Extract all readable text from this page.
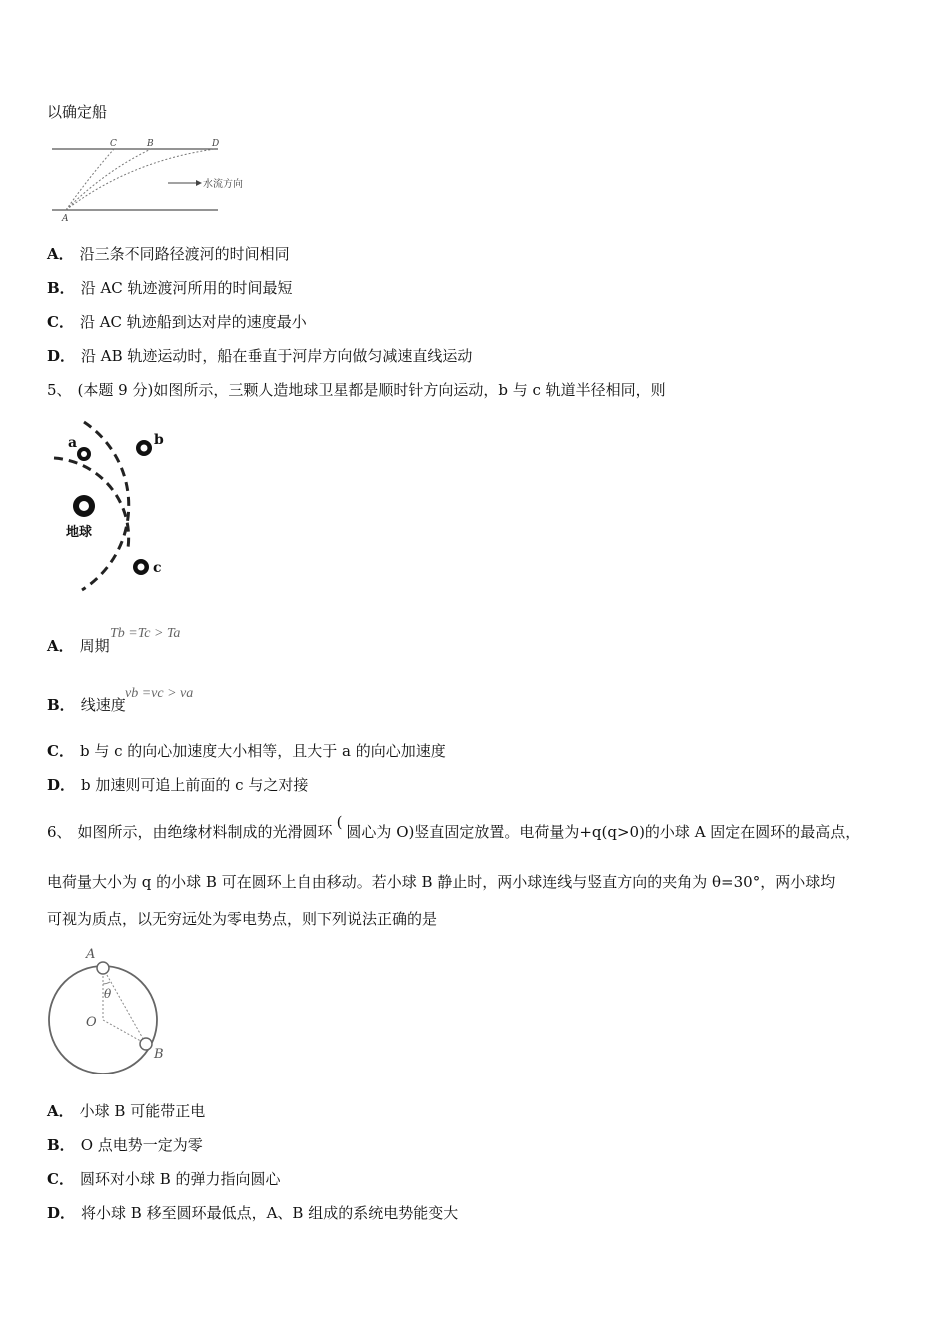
以确定船
C	B	D
A
水流方向
A． 沿三条不同路径渡河的时间相同
B． 沿 AC 轨迹渡河所用的时间最短
C． 沿 AC 轨迹船到达对岸的速度最小
D． 沿 AB 轨迹运动时，船在垂直于河岸方向做匀减速直线运动
5、 (本题 9 分)如图所示，三颗人造地球卫星都是顺时针方向运动，b 与 c 轨道半径相同，则
地球
a	b
c
A． 周期
Tb =Tc > Ta
B． 线速度
vb =vc > va
C． b 与 c 的向心加速度大小相等，且大于 a 的向心加速度
D． b 加速则可追上前面的 c 与之对接
6、 如图所示，由绝缘材料制成的光滑圆环(圆心为 O)竖直固定放置。电荷量为+q(q>0)的小球 A 固定在圆环的最高点，
电荷量大小为 q 的小球 B 可在圆环上自由移动。若小球 B 静止时，两小球连线与竖直方向的夹角为 θ=30°，两小球均
可视为质点，以无穷远处为零电势点，则下列说法正确的是
A
B
O
θ
A． 小球 B 可能带正电
B． O 点电势一定为零
C． 圆环对小球 B 的弹力指向圆心
D． 将小球 B 移至圆环最低点，A、B 组成的系统电势能变大
